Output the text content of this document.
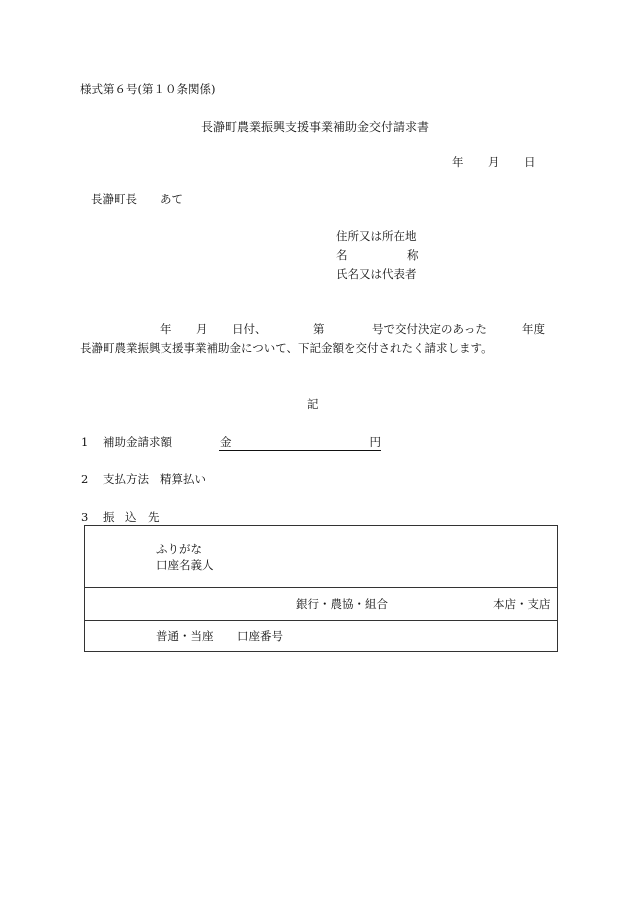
様式第６号(第１０条関係)
長瀞町農業振興支援事業補助金交付請求書
年 月 日
長瀞町長 あて
住所又は所在地
名	称
氏名又は代表者
年 月 日付、	第	号で交付決定のあった	年度
長瀞町農業振興支援事業補助金について、下記金額を交付されたく請求します。
記
1 補助金請求額	金	円
2 支払方法 精算払い
3 振 込 先
ふりがな
口座名義人
銀行・農協・組合	本店・支店
普通・当座 口座番号
